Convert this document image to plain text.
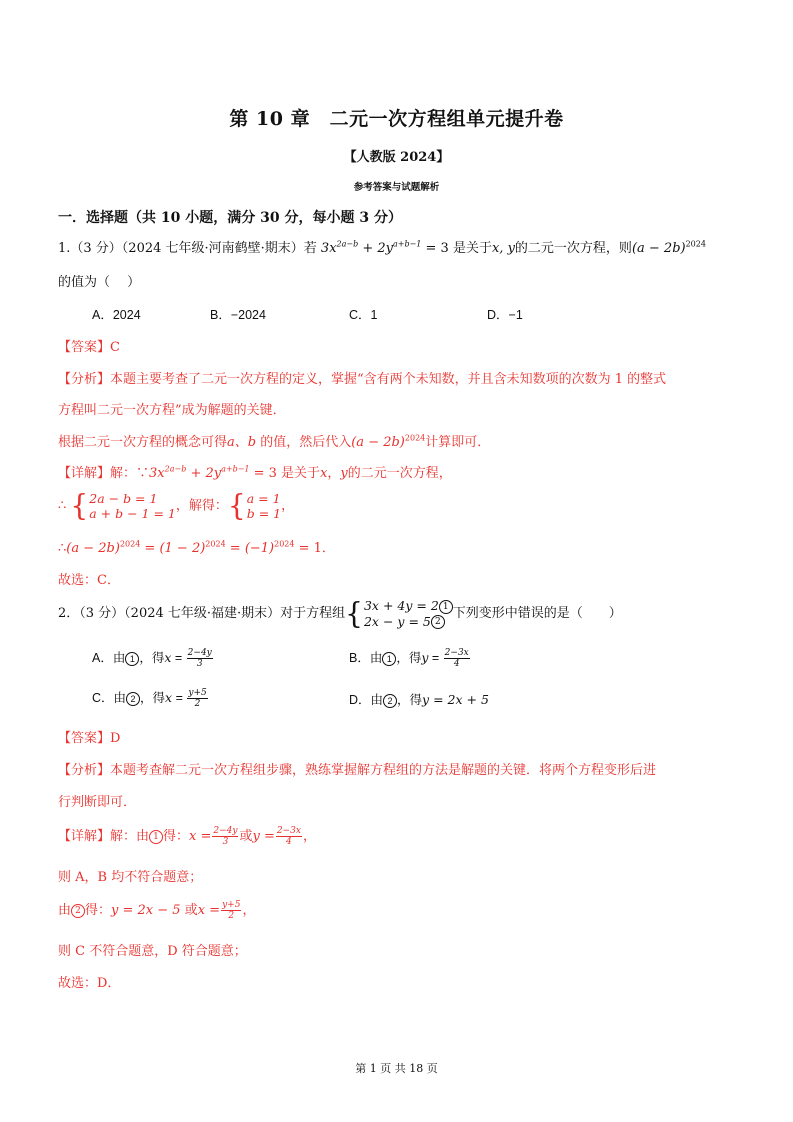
第 10 章　二元一次方程组单元提升卷
【人教版 2024】
参考答案与试题解析
一．选择题（共 10 小题，满分 30 分，每小题 3 分）
1.（3 分）（2024 七年级·河南鹤壁·期末）若 $3x^{2a-b} + 2y^{a+b-1} = 3$ 是关于x, y的二元一次方程，则$(a - 2b)^{2024}$
的值为（　 ）
A．2024	B．−2024	C．1	D．−1
【答案】C
【分析】本题主要考查了二元一次方程的定义，掌握“含有两个未知数，并且含未知数项的次数为 1 的整式
方程叫二元一次方程”成为解题的关键．
根据二元一次方程的概念可得a、b 的值，然后代入$(a - 2b)^{2024}$计算即可．
【详解】解：$\because 3x^{2a-b} + 2y^{a+b-1} = 3$ 是关于x，y的二元一次方程，
∴ { 2a − b = 1
a + b − 1 = 1 ，解得： { a = 1
b = 1 ，
∴(a − $2b)^{2024} = (1 - 2)^{2024} = (-1)^{2024} = 1$．
故选：C．
2．（3 分）（2024 七年级·福建·期末）对于方程组 { 3x + 4y = 2 1
2x − y = 5 2
下列变形中错误的是（　　）
A．由 1 ，得$x = \frac{2-4y}{3}$	B．由 1 ，得$y = \frac{2-3x}{4}$
C．由 2 ，得$x = \frac{y+5}{2}$	D．由 2 ，得y = 2x + 5
【答案】D
【分析】本题考查解二元一次方程组步骤，熟练掌握解方程组的方法是解题的关键．将两个方程变形后进
行判断即可．
【详解】解：由 1 得：$x = \frac{2-4y}{3}$ 或$y = \frac{2-3x}{4}$ ，
则 A，B 均不符合题意；
由 2 得：y = 2x − 5 或$x = \frac{y+5}{2}$ ，
则 C 不符合题意，D 符合题意；
故选：D．
第 1 页 共 18 页
